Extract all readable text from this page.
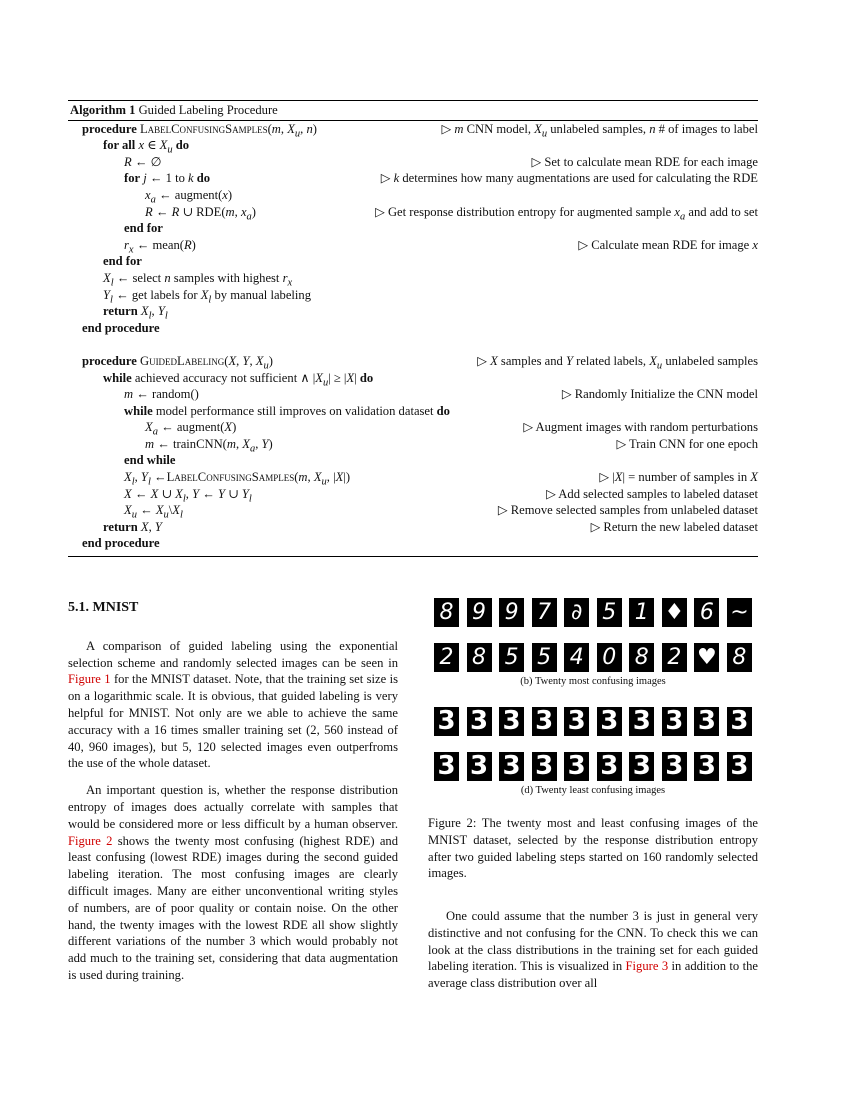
Algorithm 1 Guided Labeling Procedure
procedure LabelConfusingSamples(m, $X_u$, n)	▷ m CNN model, $X_u$ unlabeled samples, n # of images to label
for all x ∈ $X_u$ do
R ← ∅	▷ Set to calculate mean RDE for each image
for j ← 1 to k do	▷ k determines how many augmentations are used for calculating the RDE
$x_a$ ← augment(x)
R ← R ∪ RDE(m, $x_a$)	▷ Get response distribution entropy for augmented sample $x_a$ and add to set
end for
$r_x$ ← mean(R)	▷ Calculate mean RDE for image x
end for
$X_l$ ← select n samples with highest $r_x$
$Y_l$ ← get labels for $X_l$ by manual labeling
return $X_l$, $Y_l$
end procedure
procedure GuidedLabeling(X, Y, $X_u$)	▷ X samples and Y related labels, $X_u$ unlabeled samples
while achieved accuracy not sufficient ∧ $|X_u| \ge |X|$ do
m ← random()	▷ Randomly Initialize the CNN model
while model performance still improves on validation dataset do
$X_a$ ← augment(X)	▷ Augment images with random perturbations
m ← trainCNN(m, $X_a$, Y)	▷ Train CNN for one epoch
end while
$X_l$, $Y_l$ ←LabelConfusingSamples(m, $X_u$, |X|)	▷ |X| = number of samples in X
X ← X ∪ $X_l$, Y ← Y ∪ $Y_l$	▷ Add selected samples to labeled dataset
$X_u$ ← $X_u\backslash X_l$	▷ Remove selected samples from unlabeled dataset
return X, Y	▷ Return the new labeled dataset
end procedure
5.1. MNIST

A comparison of guided labeling using the exponential selection scheme and randomly selected images can be seen in Figure 1 for the MNIST dataset. Note, that the training set size is on a logarithmic scale. It is obvious, that guided labeling is very helpful for MNIST. Not only are we able to achieve the same accuracy with a 16 times smaller training set (2, 560 instead of 40, 960 images), but 5, 120 selected images even outperfroms the use of the whole dataset.

An important question is, whether the response distribution entropy of images does actually correlate with samples that would be considered more or less difficult by a human observer. Figure 2 shows the twenty most confusing (highest RDE) and least confusing (lowest RDE) images during the second guided labeling iteration. The most confusing images are clearly difficult images. Many are either unconventional writing styles of numbers, are of poor quality or contain noise. On the other hand, the twenty images with the lowest RDE all show slightly different variations of the number 3 which would probably not add much to the training set, considering that data augmentation is used during training.

8 9 9 7 ∂ 5 1 ♦ 6 ~
2 8 5 5 4 0 8 2 ♥ 8
(b) Twenty most confusing images
3 3 3 3 3 3 3 3 3 3
3 3 3 3 3 3 3 3 3 3
(d) Twenty least confusing images
Figure 2: The twenty most and least confusing images of the MNIST dataset, selected by the response distribution entropy after two guided labeling steps started on 160 randomly selected images.

One could assume that the number 3 is just in general very distinctive and not confusing for the CNN. To check this we can look at the class distributions in the training set for each guided labeling iteration. This is visualized in Figure 3 in addition to the average class distribution over all
